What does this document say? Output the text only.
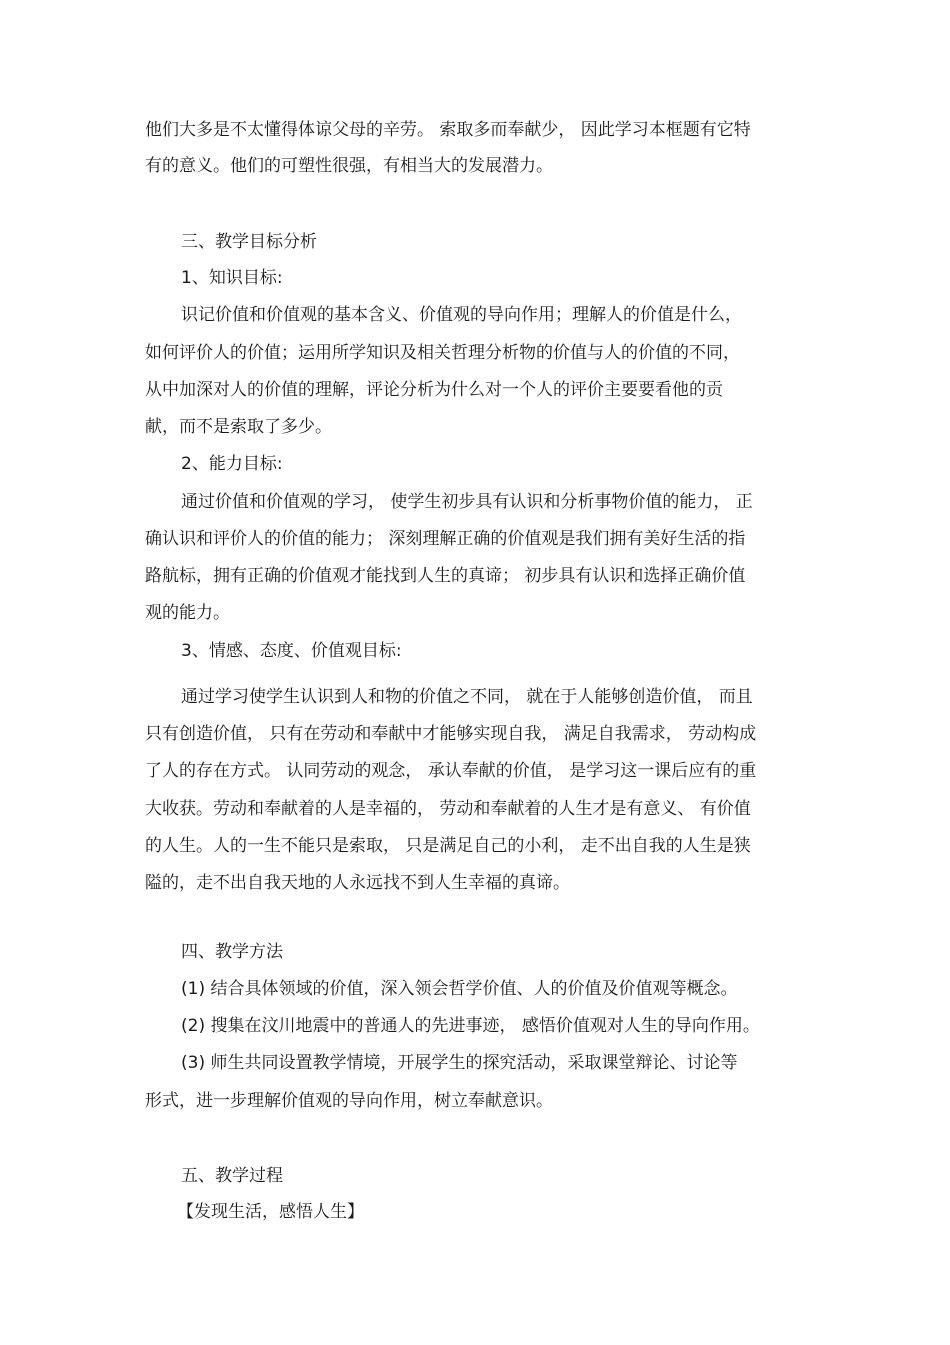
他们大多是不太懂得体谅父母的辛劳。 索取多而奉献少， 因此学习本框题有它特
有的意义。他们的可塑性很强，有相当大的发展潜力。
三、教学目标分析
1、知识目标:
识记价值和价值观的基本含义、价值观的导向作用；理解人的价值是什么，
如何评价人的价值；运用所学知识及相关哲理分析物的价值与人的价值的不同，
从中加深对人的价值的理解，评论分析为什么对一个人的评价主要要看他的贡
献，而不是索取了多少。
2、能力目标:
通过价值和价值观的学习， 使学生初步具有认识和分析事物价值的能力， 正
确认识和评价人的价值的能力； 深刻理解正确的价值观是我们拥有美好生活的指
路航标，拥有正确的价值观才能找到人生的真谛； 初步具有认识和选择正确价值
观的能力。
3、情感、态度、价值观目标:
通过学习使学生认识到人和物的价值之不同， 就在于人能够创造价值， 而且
只有创造价值， 只有在劳动和奉献中才能够实现自我， 满足自我需求， 劳动构成
了人的存在方式。 认同劳动的观念， 承认奉献的价值， 是学习这一课后应有的重
大收获。劳动和奉献着的人是幸福的， 劳动和奉献着的人生才是有意义、 有价值
的人生。人的一生不能只是索取， 只是满足自己的小利， 走不出自我的人生是狭
隘的，走不出自我天地的人永远找不到人生幸福的真谛。
四、教学方法
(1) 结合具体领域的价值，深入领会哲学价值、人的价值及价值观等概念。
(2) 搜集在汶川地震中的普通人的先进事迹， 感悟价值观对人生的导向作用。
(3) 师生共同设置教学情境，开展学生的探究活动，采取课堂辩论、讨论等
形式，进一步理解价值观的导向作用，树立奉献意识。
五、教学过程
【发现生活，感悟人生】
